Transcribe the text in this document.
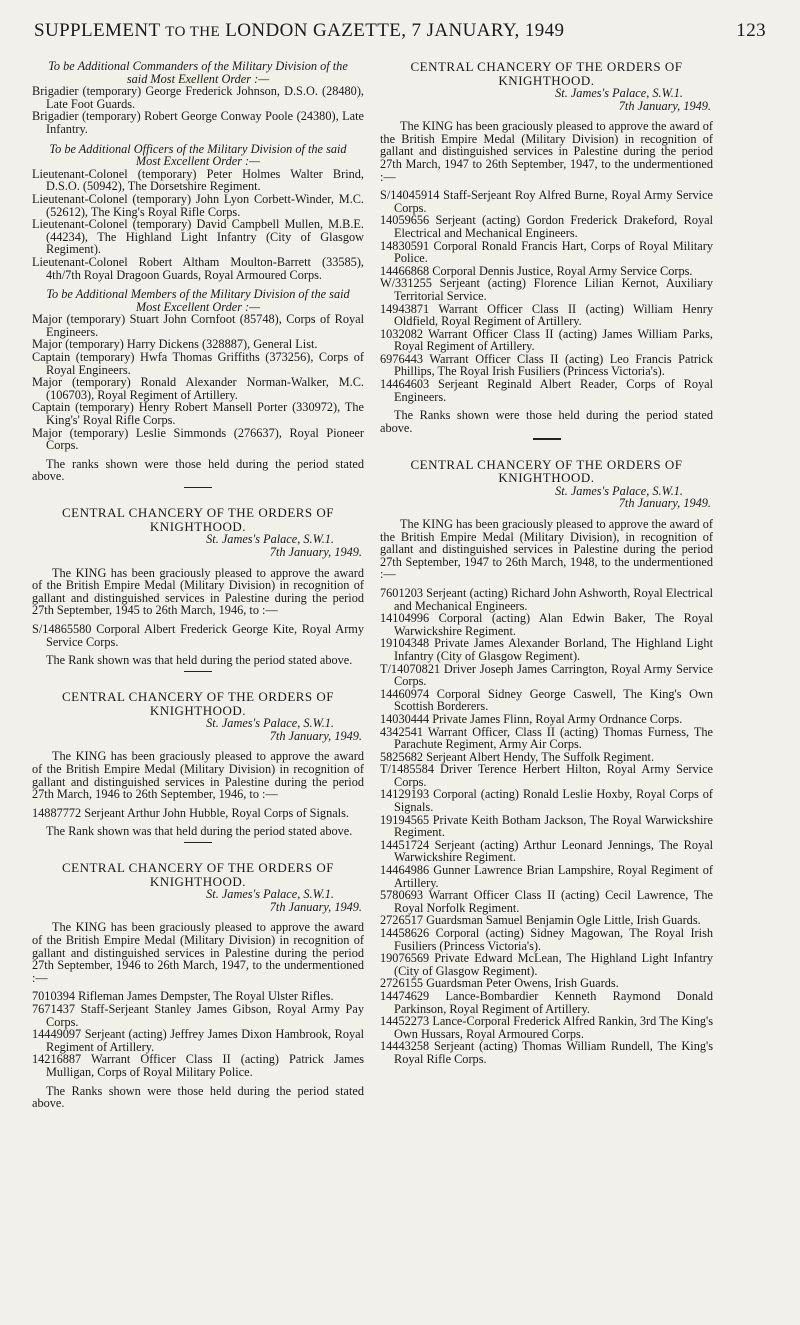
SUPPLEMENT TO THE LONDON GAZETTE, 7 JANUARY, 1949	123

To be Additional Commanders of the Military Division of the said Most Exellent Order :—

Brigadier (temporary) George Frederick Johnson, D.S.O. (28480), Late Foot Guards.

Brigadier (temporary) Robert George Conway Poole (24380), Late Infantry.

To be Additional Officers of the Military Division of the said Most Excellent Order :—

Lieutenant-Colonel (temporary) Peter Holmes Walter Brind, D.S.O. (50942), The Dorsetshire Regiment.

Lieutenant-Colonel (temporary) John Lyon Corbett-Winder, M.C. (52612), The King's Royal Rifle Corps.

Lieutenant-Colonel (temporary) David Campbell Mullen, M.B.E. (44234), The Highland Light Infantry (City of Glasgow Regiment).

Lieutenant-Colonel Robert Altham Moulton-Barrett (33585), 4th/7th Royal Dragoon Guards, Royal Armoured Corps.

To be Additional Members of the Military Division of the said Most Excellent Order :—

Major (temporary) Stuart John Cornfoot (85748), Corps of Royal Engineers.

Major (temporary) Harry Dickens (328887), General List.

Captain (temporary) Hwfa Thomas Griffiths (373256), Corps of Royal Engineers.

Major (temporary) Ronald Alexander Norman-Walker, M.C. (106703), Royal Regiment of Artillery.

Captain (temporary) Henry Robert Mansell Porter (330972), The King's' Royal Rifle Corps.

Major (temporary) Leslie Simmonds (276637), Royal Pioneer Corps.

The ranks shown were those held during the period stated above.

CENTRAL CHANCERY OF THE ORDERS OF KNIGHTHOOD.

St. James's Palace, S.W.1.

7th January, 1949.

The KING has been graciously pleased to approve the award of the British Empire Medal (Military Division) in recognition of gallant and distinguished services in Palestine during the period 27th September, 1945 to 26th March, 1946, to :—

S/14865580 Corporal Albert Frederick George Kite, Royal Army Service Corps.

The Rank shown was that held during the period stated above.

CENTRAL CHANCERY OF THE ORDERS OF KNIGHTHOOD.

St. James's Palace, S.W.1.

7th January, 1949.

The KING has been graciously pleased to approve the award of the British Empire Medal (Military Division) in recognition of gallant and distinguished services in Palestine during the period 27th March, 1946 to 26th September, 1946, to :—

14887772 Serjeant Arthur John Hubble, Royal Corps of Signals.

The Rank shown was that held during the period stated above.

CENTRAL CHANCERY OF THE ORDERS OF KNIGHTHOOD.

St. James's Palace, S.W.1.

7th January, 1949.

The KING has been graciously pleased to approve the award of the British Empire Medal (Military Division) in recognition of gallant and distinguished services in Palestine during the period 27th September, 1946 to 26th March, 1947, to the undermentioned :—

7010394 Rifleman James Dempster, The Royal Ulster Rifles.

7671437 Staff-Serjeant Stanley James Gibson, Royal Army Pay Corps.

14449097 Serjeant (acting) Jeffrey James Dixon Hambrook, Royal Regiment of Artillery.

14216887 Warrant Officer Class II (acting) Patrick James Mulligan, Corps of Royal Military Police.

The Ranks shown were those held during the period stated above.

CENTRAL CHANCERY OF THE ORDERS OF KNIGHTHOOD.

St. James's Palace, S.W.1.

7th January, 1949.

The KING has been graciously pleased to approve the award of the British Empire Medal (Military Division) in recognition of gallant and distinguished services in Palestine during the period 27th March, 1947 to 26th September, 1947, to the undermentioned :—

S/14045914 Staff-Serjeant Roy Alfred Burne, Royal Army Service Corps.

14059656 Serjeant (acting) Gordon Frederick Drakeford, Royal Electrical and Mechanical Engineers.

14830591 Corporal Ronald Francis Hart, Corps of Royal Military Police.

14466868 Corporal Dennis Justice, Royal Army Service Corps.

W/331255 Serjeant (acting) Florence Lilian Kernot, Auxiliary Territorial Service.

14943871 Warrant Officer Class II (acting) William Henry Oldfield, Royal Regiment of Artillery.

1032082 Warrant Officer Class II (acting) James William Parks, Royal Regiment of Artillery.

6976443 Warrant Officer Class II (acting) Leo Francis Patrick Phillips, The Royal Irish Fusiliers (Princess Victoria's).

14464603 Serjeant Reginald Albert Reader, Corps of Royal Engineers.

The Ranks shown were those held during the period stated above.

CENTRAL CHANCERY OF THE ORDERS OF KNIGHTHOOD.

St. James's Palace, S.W.1.

7th January, 1949.

The KING has been graciously pleased to approve the award of the British Empire Medal (Military Division), in recognition of gallant and distinguished services in Palestine during the period 27th September, 1947 to 26th March, 1948, to the undermentioned :—

7601203 Serjeant (acting) Richard John Ashworth, Royal Electrical and Mechanical Engineers.

14104996 Corporal (acting) Alan Edwin Baker, The Royal Warwickshire Regiment.

19104348 Private James Alexander Borland, The Highland Light Infantry (City of Glasgow Regiment).

T/14070821 Driver Joseph James Carrington, Royal Army Service Corps.

14460974 Corporal Sidney George Caswell, The King's Own Scottish Borderers.

14030444 Private James Flinn, Royal Army Ordnance Corps.

4342541 Warrant Officer, Class II (acting) Thomas Furness, The Parachute Regiment, Army Air Corps.

5825682 Serjeant Albert Hendy, The Suffolk Regiment.

T/1485584 Driver Terence Herbert Hilton, Royal Army Service Corps.

14129193 Corporal (acting) Ronald Leslie Hoxby, Royal Corps of Signals.

19194565 Private Keith Botham Jackson, The Royal Warwickshire Regiment.

14451724 Serjeant (acting) Arthur Leonard Jennings, The Royal Warwickshire Regiment.

14464986 Gunner Lawrence Brian Lampshire, Royal Regiment of Artillery.

5780693 Warrant Officer Class II (acting) Cecil Lawrence, The Royal Norfolk Regiment.

2726517 Guardsman Samuel Benjamin Ogle Little, Irish Guards.

14458626 Corporal (acting) Sidney Magowan, The Royal Irish Fusiliers (Princess Victoria's).

19076569 Private Edward McLean, The Highland Light Infantry (City of Glasgow Regiment).

2726155 Guardsman Peter Owens, Irish Guards.

14474629 Lance-Bombardier Kenneth Raymond Donald Parkinson, Royal Regiment of Artillery.

14452273 Lance-Corporal Frederick Alfred Rankin, 3rd The King's Own Hussars, Royal Armoured Corps.

14443258 Serjeant (acting) Thomas William Rundell, The King's Royal Rifle Corps.
